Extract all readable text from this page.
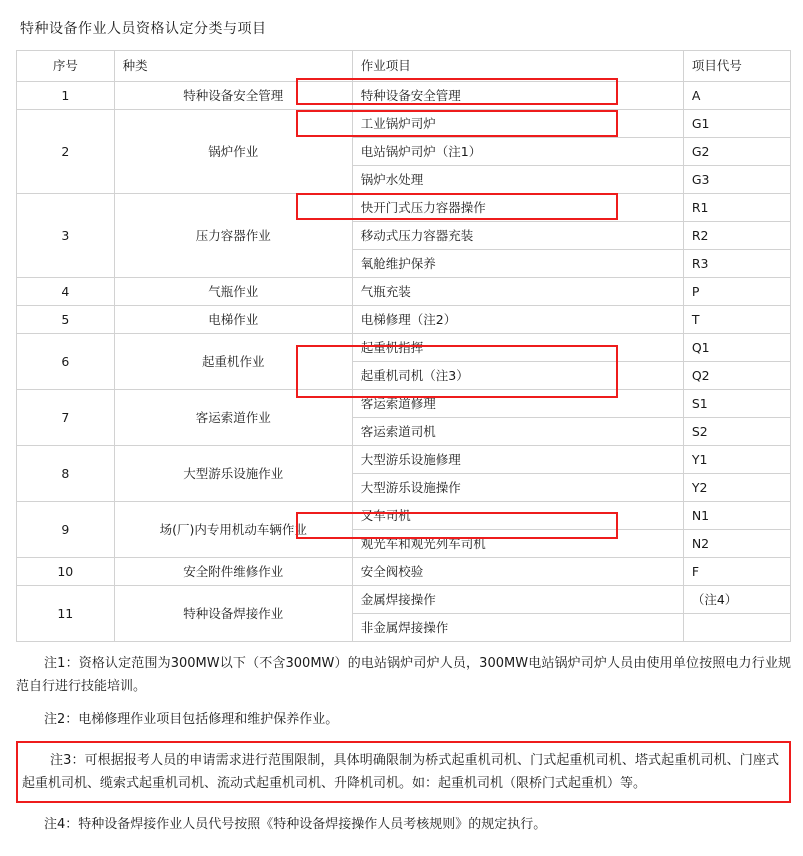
特种设备作业人员资格认定分类与项目
序号	种类	作业项目	项目代号

1	特种设备安全管理	特种设备安全管理	A

2	锅炉作业	工业锅炉司炉	G1

		电站锅炉司炉（注1）	G2

		锅炉水处理	G3

3	压力容器作业	快开门式压力容器操作	R1

		移动式压力容器充装	R2

		氧舱维护保养	R3

4	气瓶作业	气瓶充装	P

5	电梯作业	电梯修理（注2）	T

6	起重机作业	起重机指挥	Q1

		起重机司机（注3）	Q2

7	客运索道作业	客运索道修理	S1

		客运索道司机	S2

8	大型游乐设施作业	大型游乐设施修理	Y1

		大型游乐设施操作	Y2

9	场(厂)内专用机动车辆作业	叉车司机	N1

		观光车和观光列车司机	N2

10	安全附件维修作业	安全阀校验	F

11	特种设备焊接作业	金属焊接操作	（注4）

		非金属焊接操作	

注1：资格认定范围为300MW以下（不含300MW）的电站锅炉司炉人员，300MW电站锅炉司炉人员由使用单位按照电力行业规范自行进行技能培训。

注2：电梯修理作业项目包括修理和维护保养作业。

注3：可根据报考人员的申请需求进行范围限制，具体明确限制为桥式起重机司机、门式起重机司机、塔式起重机司机、门座式起重机司机、缆索式起重机司机、流动式起重机司机、升降机司机。如：起重机司机（限桥门式起重机）等。

注4：特种设备焊接作业人员代号按照《特种设备焊接操作人员考核规则》的规定执行。
